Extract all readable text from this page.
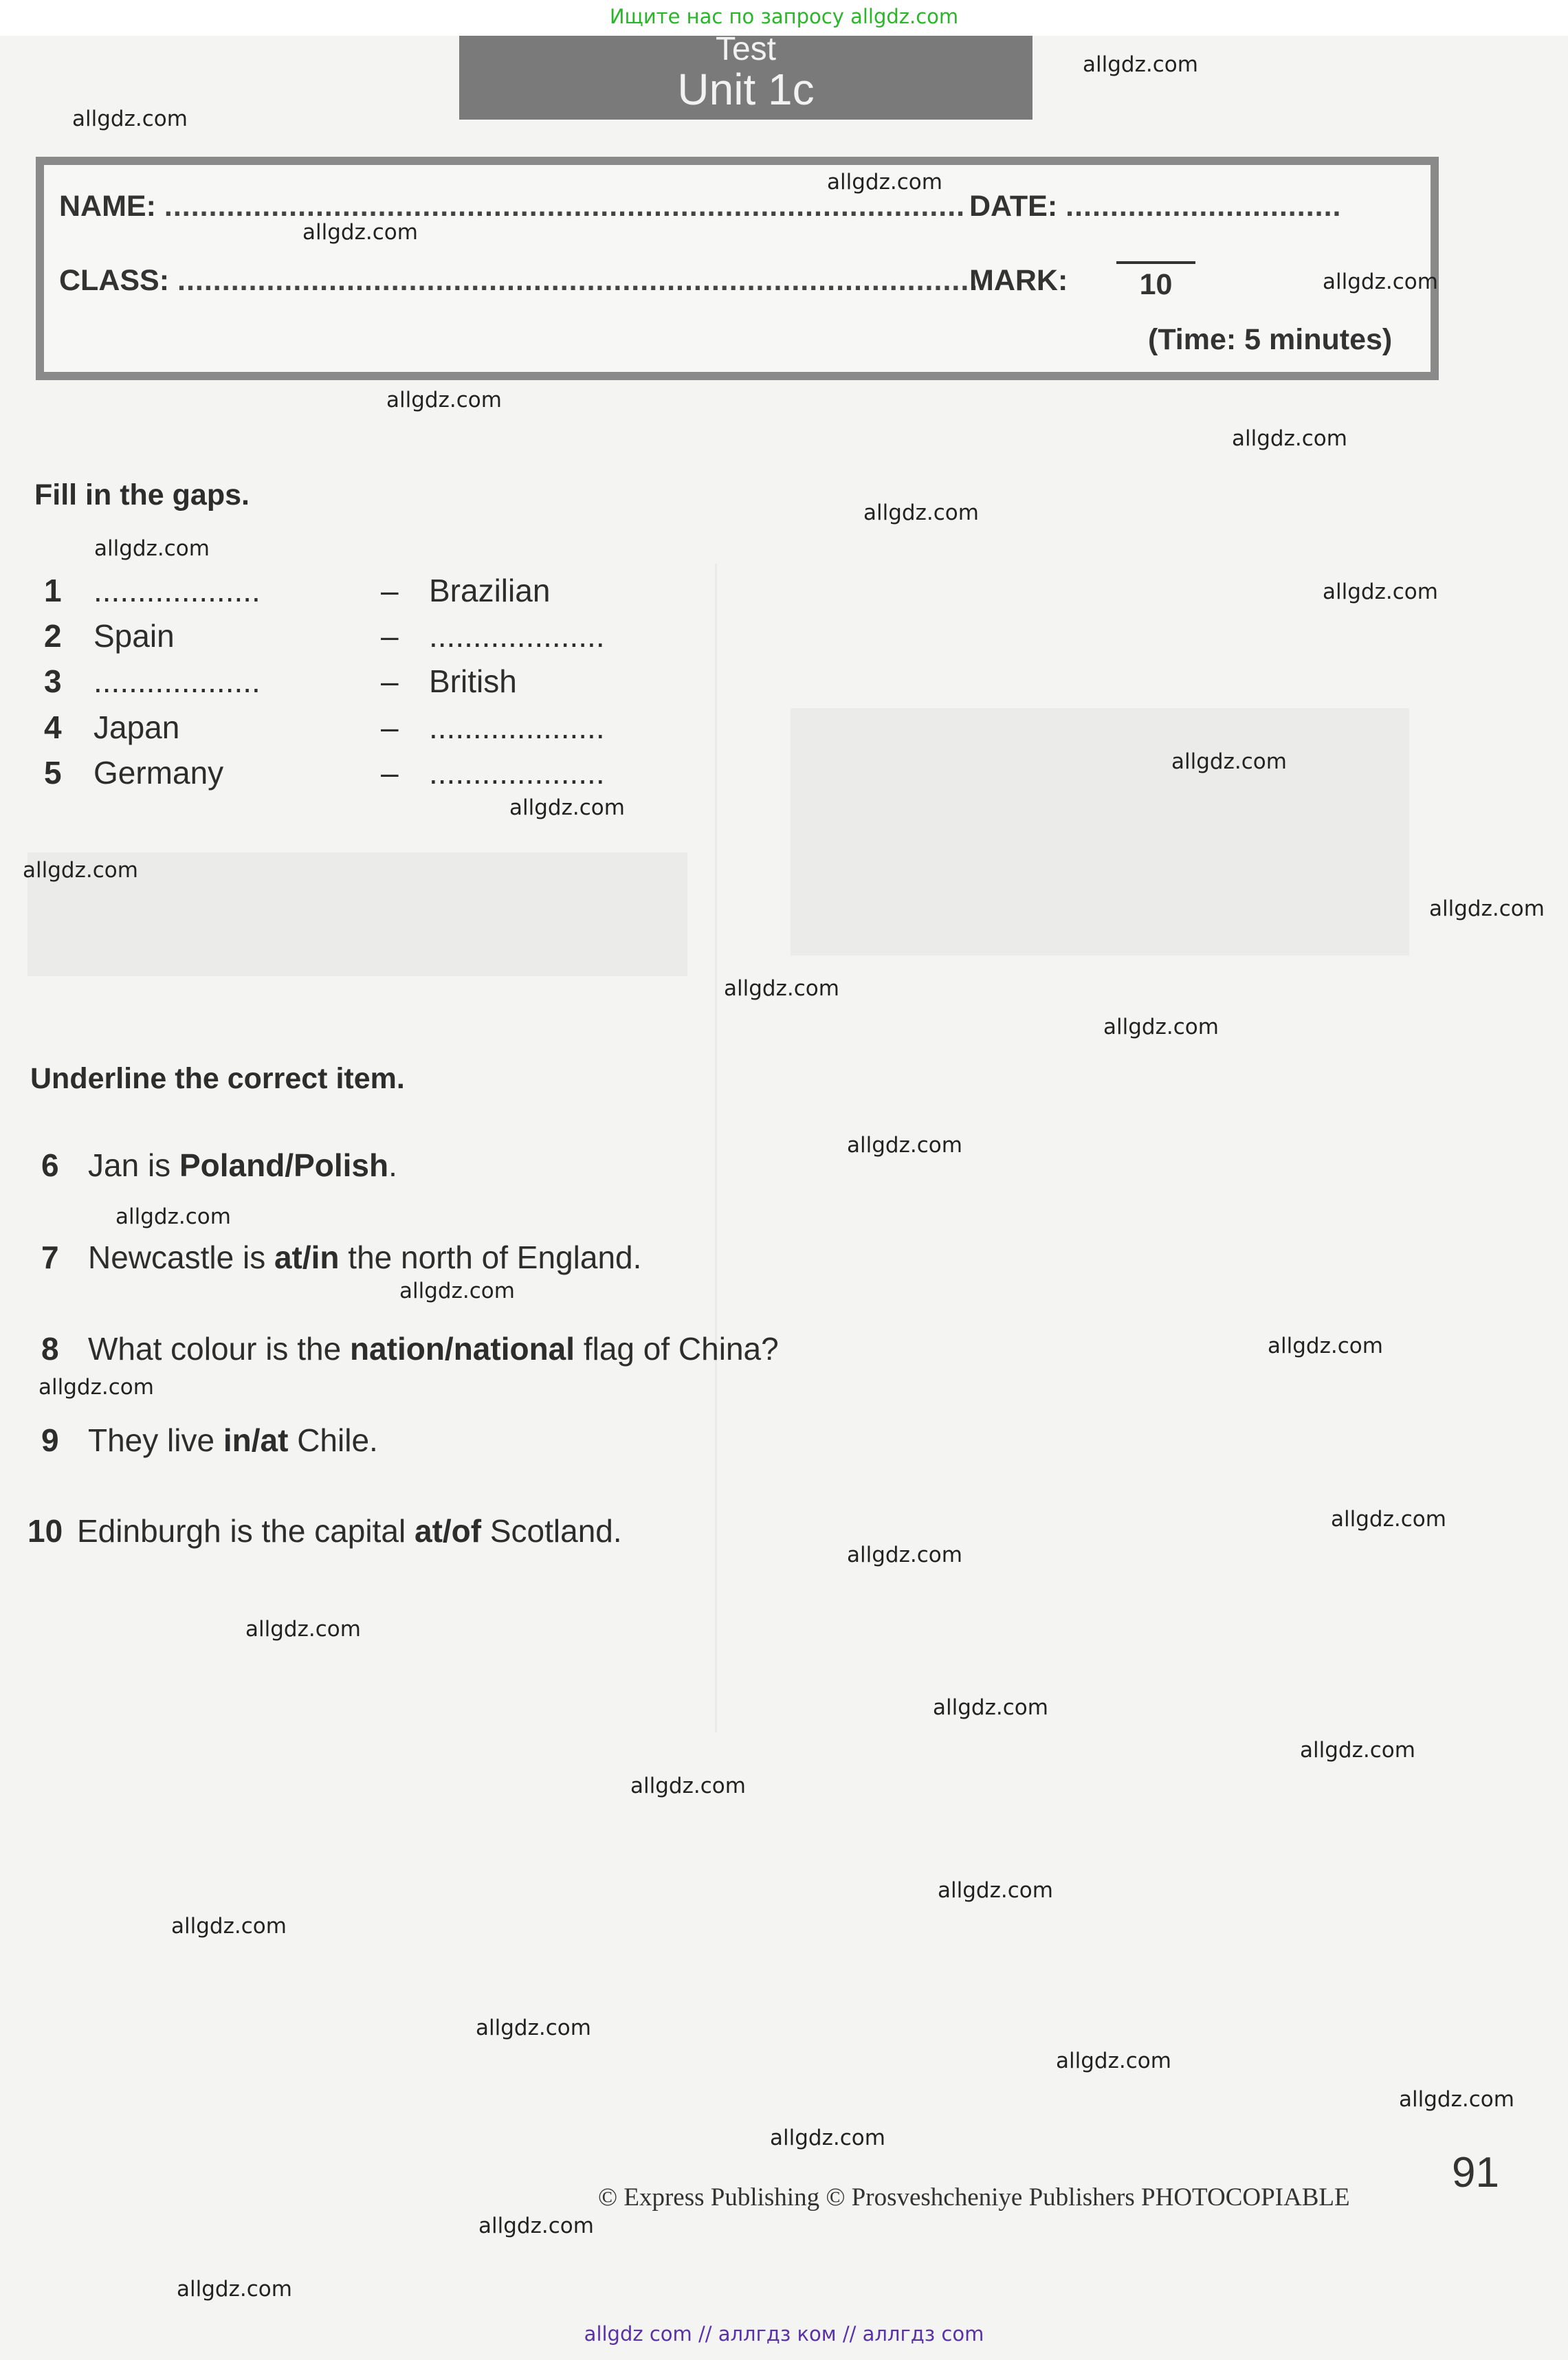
Ищите нас по запросу allgdz.com
Test
Unit 1c
NAME: .......................................................................................... DATE: ...............................
CLASS: ..........................................................................................
MARK:	10
(Time: 5 minutes)
Fill in the gaps.
1 ...................	– Brazilian
2 Spain	– ....................
3 ...................	– British
4 Japan	– ....................
5 Germany	– ....................
Underline the correct item.
6 Jan is Poland/Polish.
7 Newcastle is at/in the north of England.
8 What colour is the nation/national flag of China?
9 They live in/at Chile.
10 Edinburgh is the capital at/of Scotland.
allgdz.com
allgdz.com
allgdz.com
allgdz.com
allgdz.com
allgdz.com
allgdz.com
allgdz.com
allgdz.com
allgdz.com
allgdz.com
allgdz.com
allgdz.com
allgdz.com
allgdz.com
allgdz.com
allgdz.com
allgdz.com
allgdz.com
allgdz.com
allgdz.com
allgdz.com
allgdz.com
allgdz.com
allgdz.com
allgdz.com
allgdz.com
allgdz.com
allgdz.com
allgdz.com
allgdz.com
allgdz.com
allgdz.com
allgdz.com
allgdz.com
91
© Express Publishing © Prosveshcheniye Publishers PHOTOCOPIABLE
allgdz com // аллгдз ком // аллгдз com
